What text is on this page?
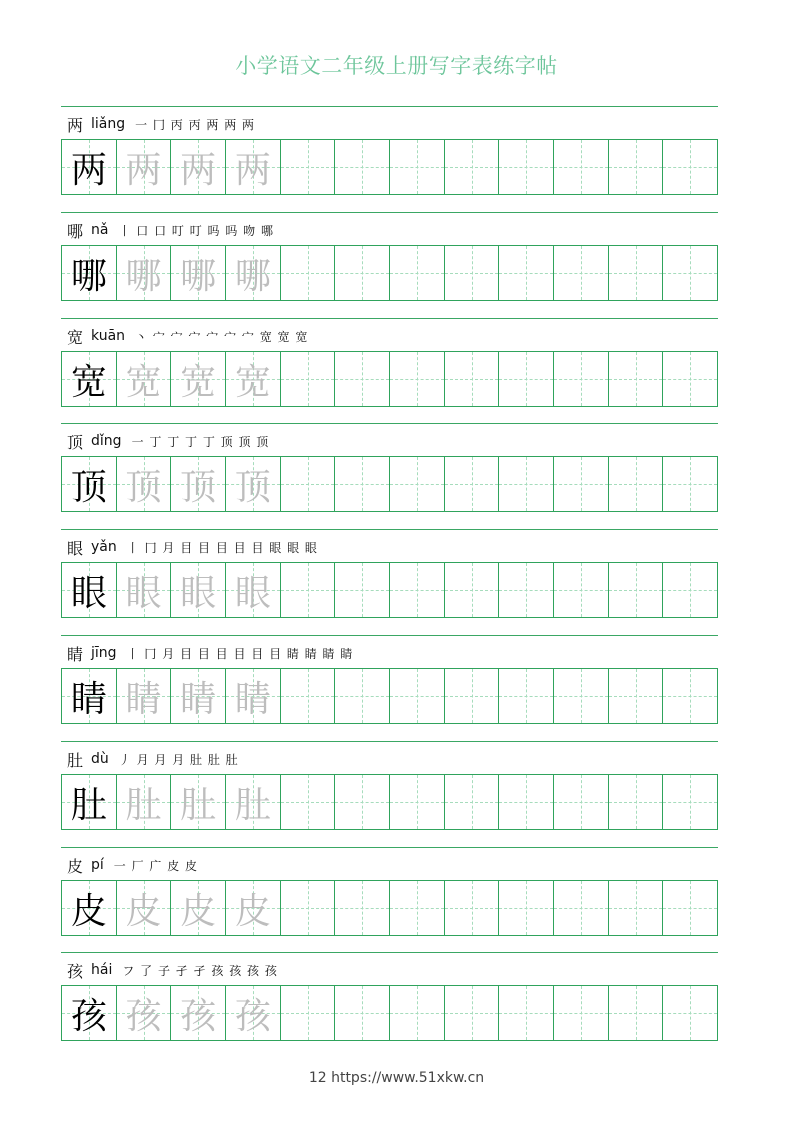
小学语文二年级上册写字表练字帖
两 liǎng 一 冂 丙 丙 两 两 两
两 两 两 两
哪 nǎ 丨 口 口 叮 叮 吗 吗 吻 哪
哪 哪 哪 哪
宽 kuān 丶 宀 宀 宀 宀 宀 宀 宽 宽 宽
宽 宽 宽 宽
顶 dǐng 一 丁 丁 丁 丁 顶 顶 顶
顶 顶 顶 顶
眼 yǎn 丨 冂 月 目 目 目 目 目 眼 眼 眼
眼 眼 眼 眼
睛 jīng 丨 冂 月 目 目 目 目 目 目 睛 睛 睛 睛
睛 睛 睛 睛
肚 dù 丿 月 月 月 肚 肚 肚
肚 肚 肚 肚
皮 pí 一 厂 广 皮 皮
皮 皮 皮 皮
孩 hái フ 了 子 孑 孑 孩 孩 孩 孩
孩 孩 孩 孩
12 https://www.51xkw.cn
